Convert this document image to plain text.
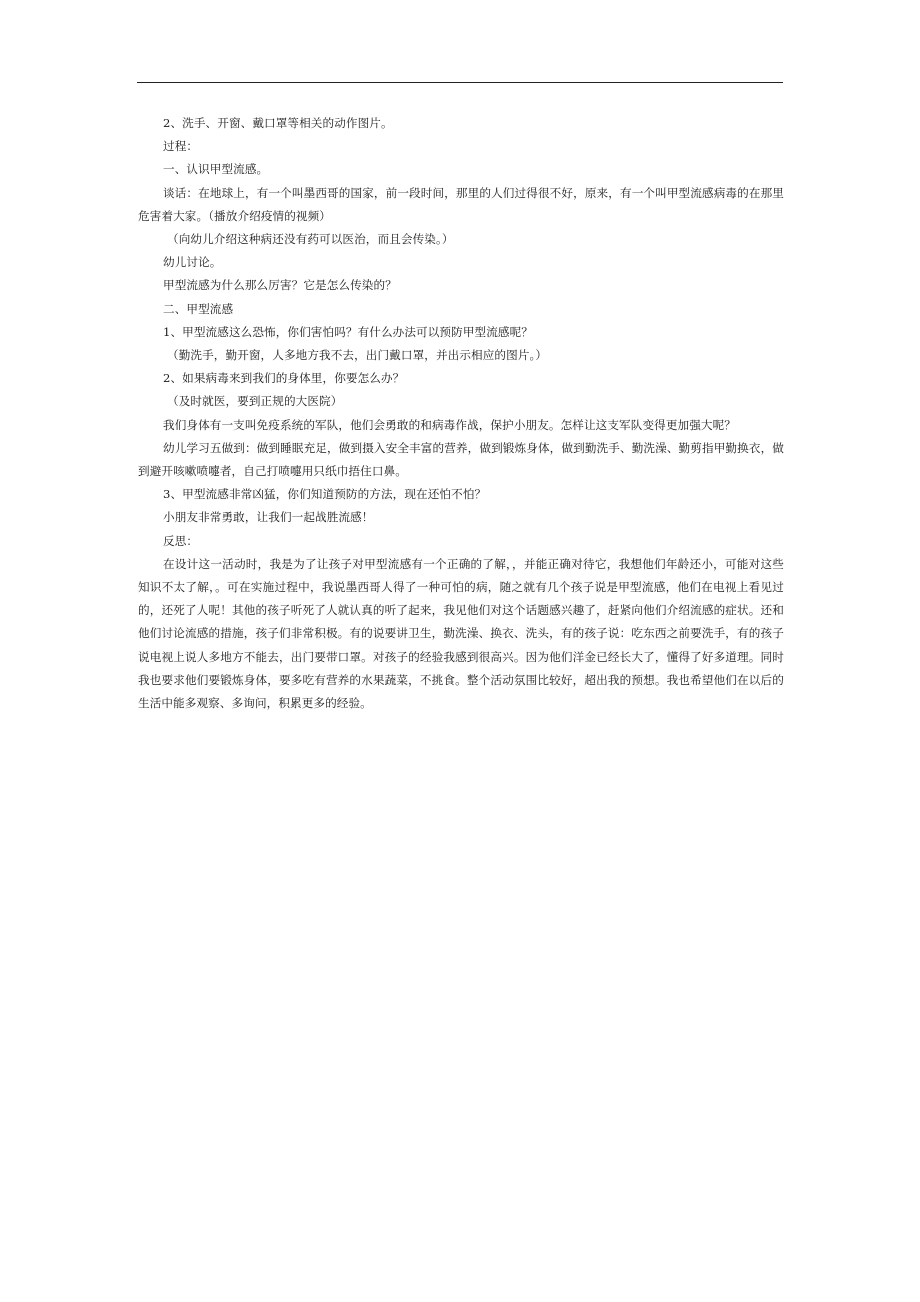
2、洗手、开窗、戴口罩等相关的动作图片。

过程：

一、认识甲型流感。

谈话：在地球上，有一个叫墨西哥的国家，前一段时间，那里的人们过得很不好，原来，有一个叫甲型流感病毒的在那里危害着大家。（播放介绍疫情的视频）

（向幼儿介绍这种病还没有药可以医治，而且会传染。）

幼儿讨论。

甲型流感为什么那么厉害？它是怎么传染的？

二、甲型流感

1、甲型流感这么恐怖，你们害怕吗？有什么办法可以预防甲型流感呢？

（勤洗手，勤开窗，人多地方我不去，出门戴口罩，并出示相应的图片。）

2、如果病毒来到我们的身体里，你要怎么办？

（及时就医，要到正规的大医院）

我们身体有一支叫免疫系统的军队，他们会勇敢的和病毒作战，保护小朋友。怎样让这支军队变得更加强大呢？

幼儿学习五做到：做到睡眠充足，做到摄入安全丰富的营养，做到锻炼身体，做到勤洗手、勤洗澡、勤剪指甲勤换衣，做到避开咳嗽喷嚏者，自己打喷嚏用只纸巾捂住口鼻。

3、甲型流感非常凶猛，你们知道预防的方法，现在还怕不怕？

小朋友非常勇敢，让我们一起战胜流感！

反思：

在设计这一活动时，我是为了让孩子对甲型流感有一个正确的了解，，并能正确对待它，我想他们年龄还小，可能对这些知识不太了解，。可在实施过程中，我说墨西哥人得了一种可怕的病，随之就有几个孩子说是甲型流感，他们在电视上看见过的，还死了人呢！其他的孩子听死了人就认真的听了起来，我见他们对这个话题感兴趣了，赶紧向他们介绍流感的症状。还和他们讨论流感的措施，孩子们非常积极。有的说要讲卫生，勤洗澡、换衣、洗头，有的孩子说：吃东西之前要洗手，有的孩子说电视上说人多地方不能去，出门要带口罩。对孩子的经验我感到很高兴。因为他们洋金已经长大了，懂得了好多道理。同时我也要求他们要锻炼身体，要多吃有营养的水果蔬菜，不挑食。整个活动氛围比较好，超出我的预想。我也希望他们在以后的生活中能多观察、多询问，积累更多的经验。
